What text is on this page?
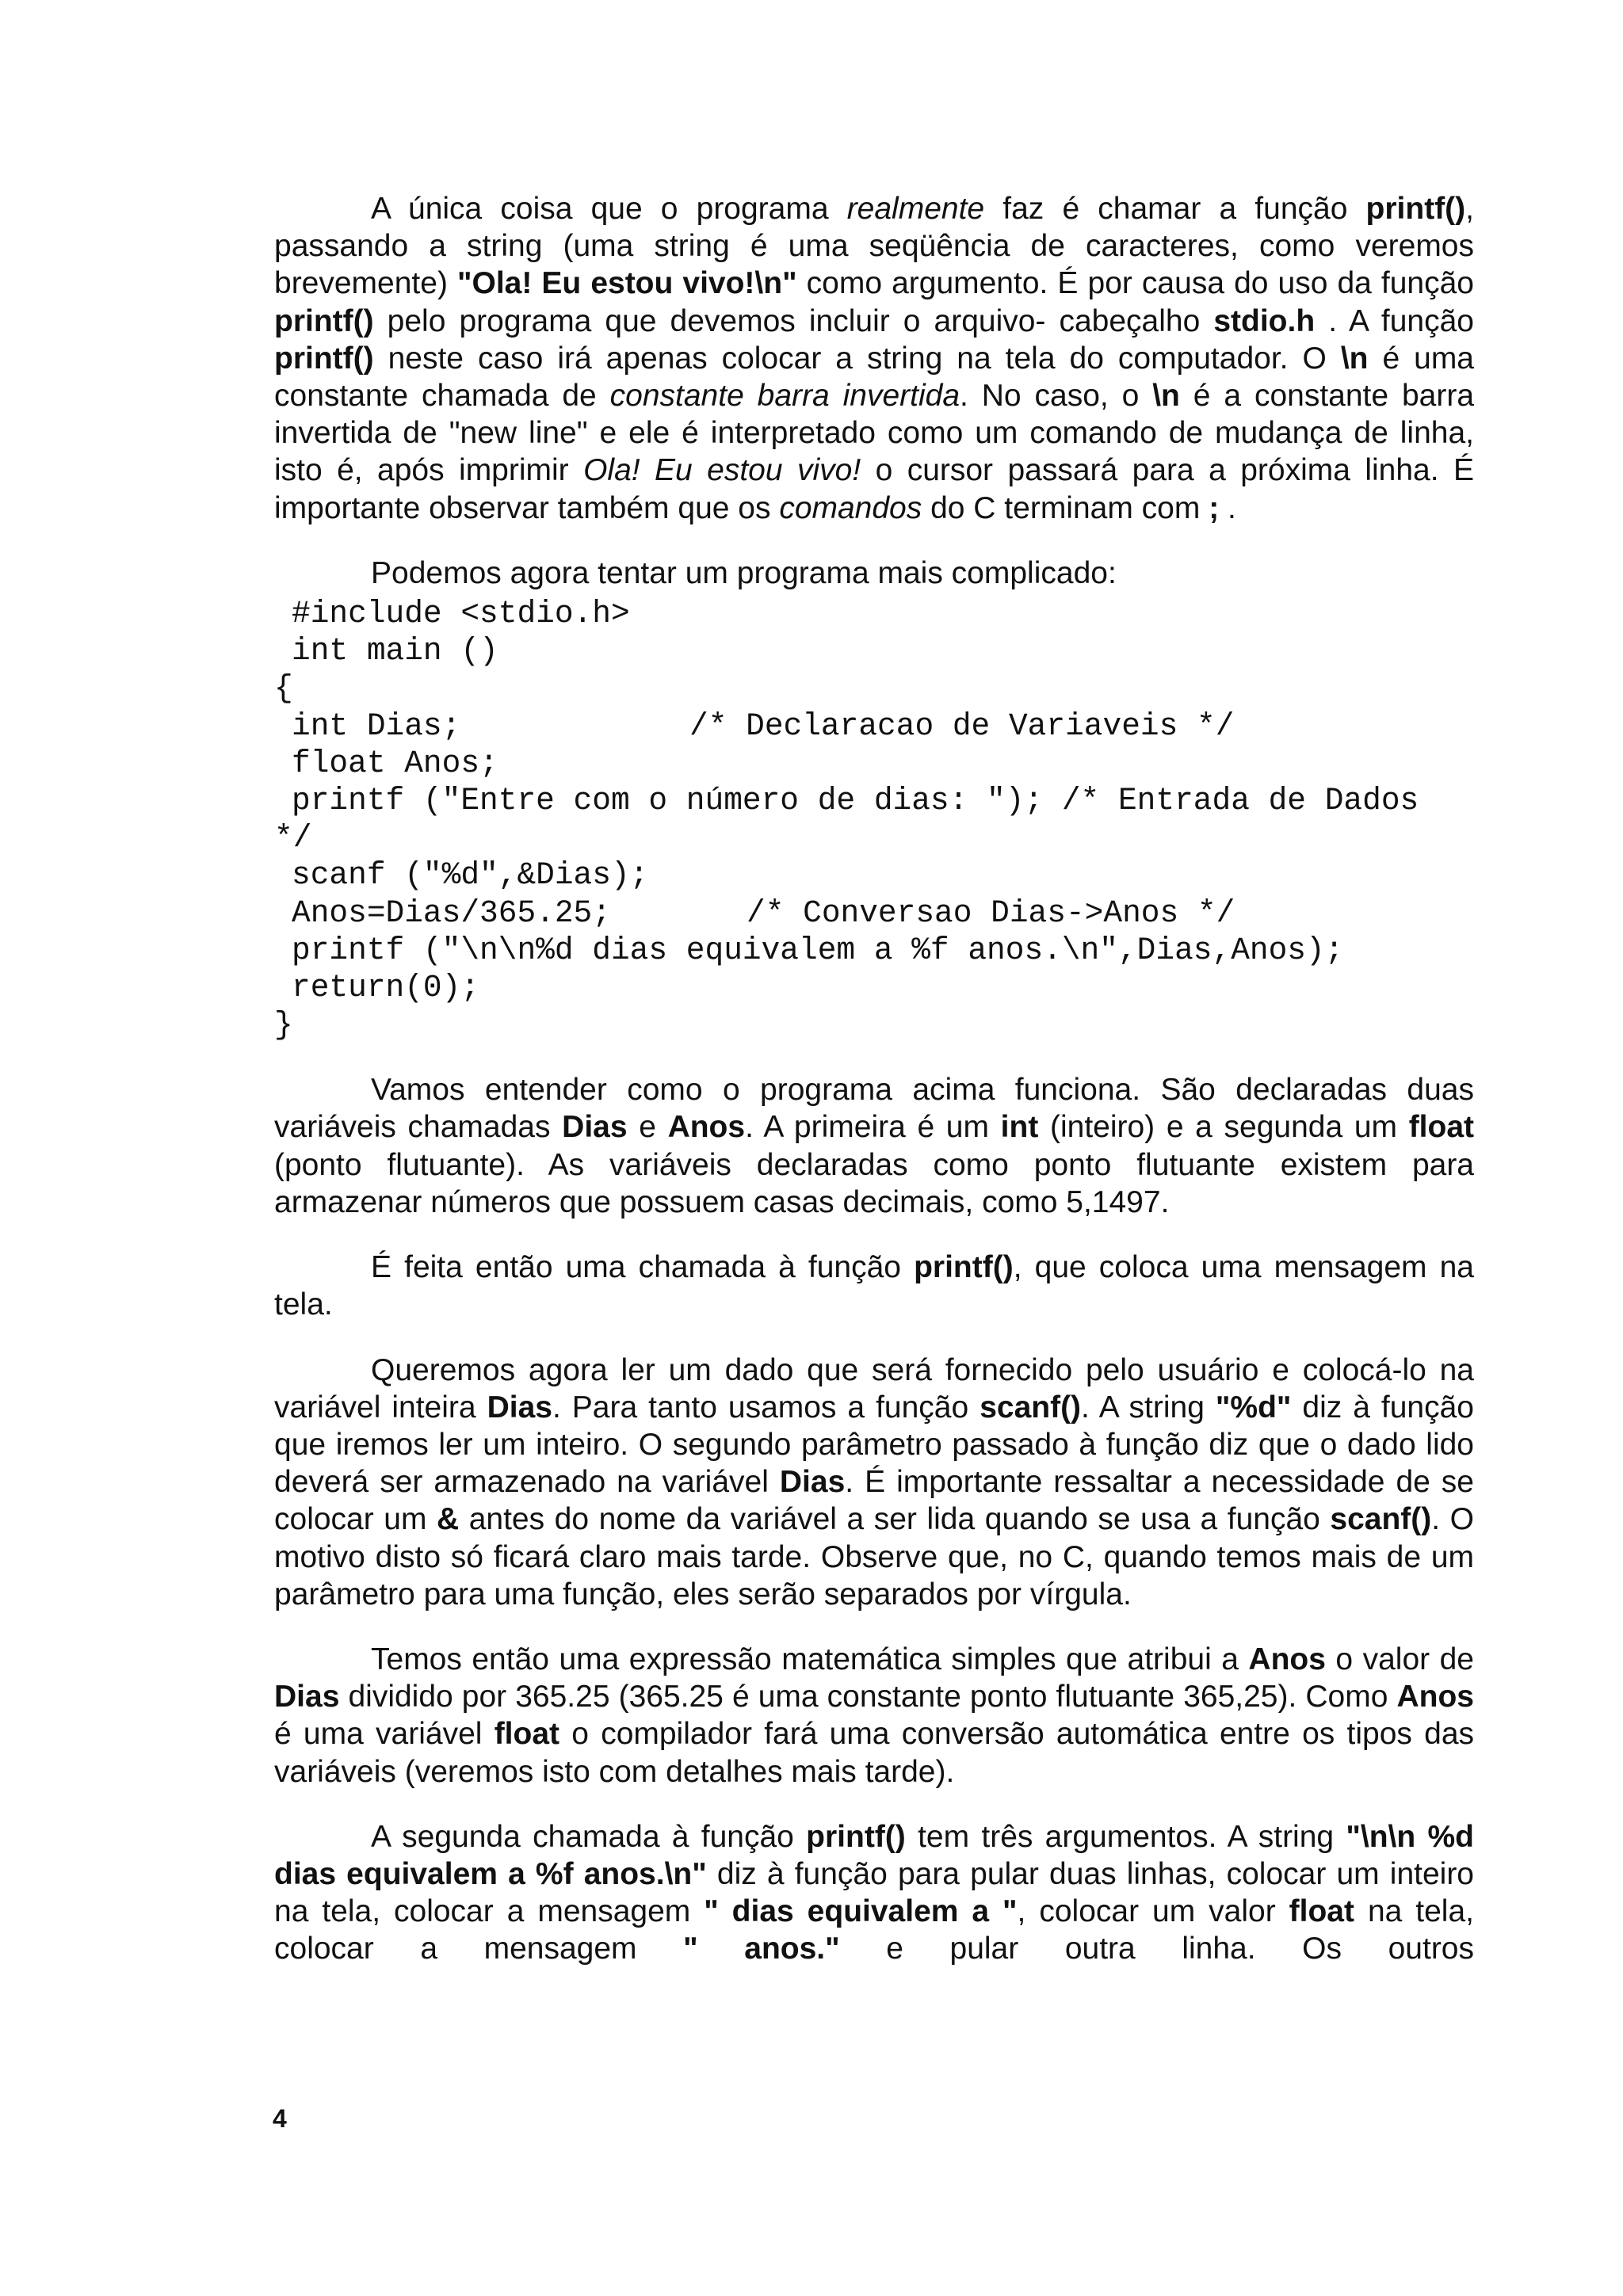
A única coisa que o programa realmente faz é chamar a função printf(), passando a string (uma string é uma seqüência de caracteres, como veremos brevemente) "Ola! Eu estou vivo!\n" como argumento. É por causa do uso da função printf() pelo programa que devemos incluir o arquivo- cabeçalho stdio.h . A função printf() neste caso irá apenas colocar a string na tela do computador. O \n é uma constante chamada de constante barra invertida. No caso, o \n é a constante barra invertida de "new line" e ele é interpretado como um comando de mudança de linha, isto é, após imprimir Ola! Eu estou vivo! o cursor passará para a próxima linha. É importante observar também que os comandos do C terminam com ; .

Podemos agora tentar um programa mais complicado:

#include <stdio.h>
int main ()
{
int Dias;	/* Declaracao de Variaveis */
float Anos;
printf ("Entre com o número de dias: "); /* Entrada de Dados
*/
scanf ("%d",&Dias);
Anos=Dias/365.25;	/* Conversao Dias->Anos */
printf ("\n\n%d dias equivalem a %f anos.\n",Dias,Anos);
return(0);
}

Vamos entender como o programa acima funciona. São declaradas duas variáveis chamadas Dias e Anos. A primeira é um int (inteiro) e a segunda um float (ponto flutuante). As variáveis declaradas como ponto flutuante existem para armazenar números que possuem casas decimais, como 5,1497.

É feita então uma chamada à função printf(), que coloca uma mensagem na tela.

Queremos agora ler um dado que será fornecido pelo usuário e colocá-lo na variável inteira Dias. Para tanto usamos a função scanf(). A string "%d" diz à função que iremos ler um inteiro. O segundo parâmetro passado à função diz que o dado lido deverá ser armazenado na variável Dias. É importante ressaltar a necessidade de se colocar um & antes do nome da variável a ser lida quando se usa a função scanf(). O motivo disto só ficará claro mais tarde. Observe que, no C, quando temos mais de um parâmetro para uma função, eles serão separados por vírgula.

Temos então uma expressão matemática simples que atribui a Anos o valor de Dias dividido por 365.25 (365.25 é uma constante ponto flutuante 365,25). Como Anos é uma variável float o compilador fará uma conversão automática entre os tipos das variáveis (veremos isto com detalhes mais tarde).

A segunda chamada à função printf() tem três argumentos. A string "\n\n %d dias equivalem a %f anos.\n" diz à função para pular duas linhas, colocar um inteiro na tela, colocar a mensagem " dias equivalem a ", colocar um valor float na tela, colocar a mensagem " anos." e pular outra linha. Os outros

4
